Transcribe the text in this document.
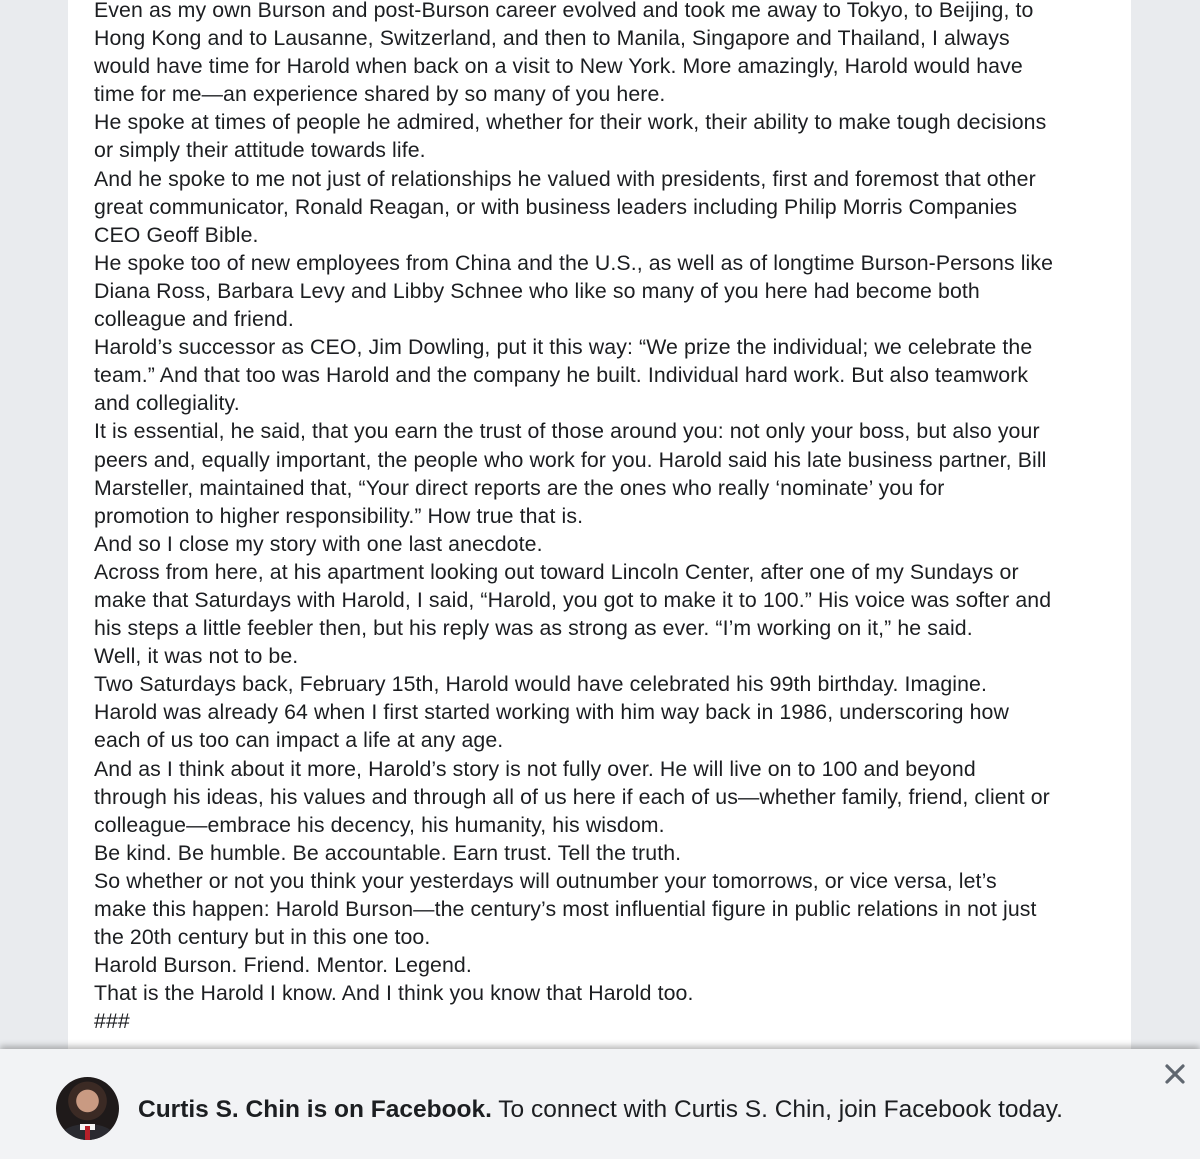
Even as my own Burson and post-Burson career evolved and took me away to Tokyo, to Beijing, to
Hong Kong and to Lausanne, Switzerland, and then to Manila, Singapore and Thailand, I always
would have time for Harold when back on a visit to New York. More amazingly, Harold would have
time for me—an experience shared by so many of you here.

He spoke at times of people he admired, whether for their work, their ability to make tough decisions
or simply their attitude towards life.

And he spoke to me not just of relationships he valued with presidents, first and foremost that other
great communicator, Ronald Reagan, or with business leaders including Philip Morris Companies
CEO Geoff Bible.

He spoke too of new employees from China and the U.S., as well as of longtime Burson-Persons like
Diana Ross, Barbara Levy and Libby Schnee who like so many of you here had become both
colleague and friend.

Harold’s successor as CEO, Jim Dowling, put it this way: “We prize the individual; we celebrate the
team.” And that too was Harold and the company he built. Individual hard work. But also teamwork
and collegiality.

It is essential, he said, that you earn the trust of those around you: not only your boss, but also your
peers and, equally important, the people who work for you. Harold said his late business partner, Bill
Marsteller, maintained that, “Your direct reports are the ones who really ‘nominate’ you for
promotion to higher responsibility.” How true that is.

And so I close my story with one last anecdote.

Across from here, at his apartment looking out toward Lincoln Center, after one of my Sundays or
make that Saturdays with Harold, I said, “Harold, you got to make it to 100.” His voice was softer and
his steps a little feebler then, but his reply was as strong as ever. “I’m working on it,” he said.

Well, it was not to be.

Two Saturdays back, February 15th, Harold would have celebrated his 99th birthday. Imagine.
Harold was already 64 when I first started working with him way back in 1986, underscoring how
each of us too can impact a life at any age.

And as I think about it more, Harold’s story is not fully over. He will live on to 100 and beyond
through his ideas, his values and through all of us here if each of us—whether family, friend, client or
colleague—embrace his decency, his humanity, his wisdom.

Be kind. Be humble. Be accountable. Earn trust. Tell the truth.

So whether or not you think your yesterdays will outnumber your tomorrows, or vice versa, let’s
make this happen: Harold Burson—the century’s most influential figure in public relations in not just
the 20th century but in this one too.

Harold Burson. Friend. Mentor. Legend.

That is the Harold I know. And I think you know that Harold too.

###

Curtis S. Chin is on Facebook. To connect with Curtis S. Chin, join Facebook today.
